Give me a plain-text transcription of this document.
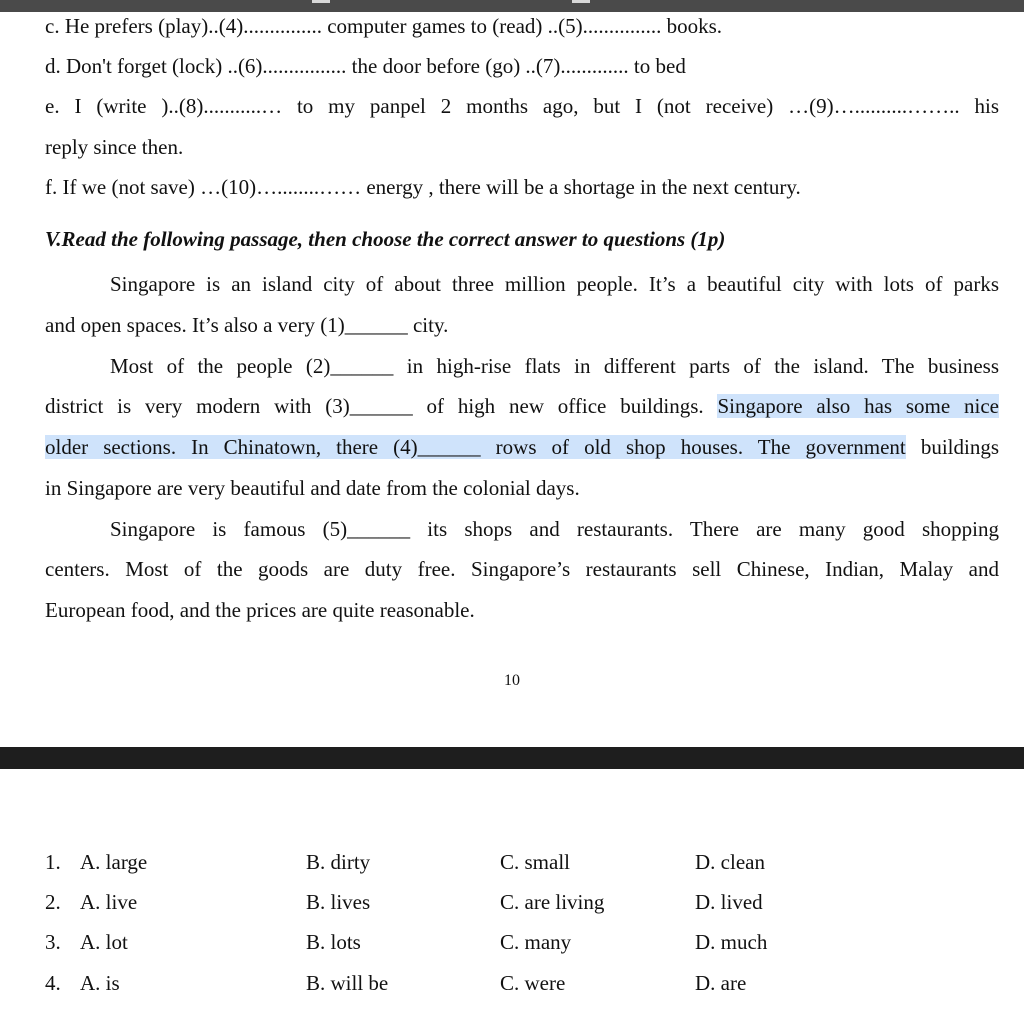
c. He prefers (play)..(4)............... computer games to (read) ..(5)............... books.
d. Don't forget (lock) ..(6)................ the door before (go) ..(7)............. to bed
e. I (write )..(8)...........… to my panpel 2 months ago, but I (not receive) …(9)…..........…….. his
reply since then.
f. If we (not save) …(10)…........…… energy , there will be a shortage in the next century.
V.Read the following passage, then choose the correct answer to questions (1p)
Singapore is an island city of about three million people. It’s a beautiful city with lots of parks
and open spaces. It’s also a very (1)______ city.
Most of the people (2)______ in high-rise flats in different parts of the island. The business
district is very modern with (3)______ of high new office buildings. Singapore also has some nice
older sections. In Chinatown, there (4)______ rows of old shop houses. The government buildings
in Singapore are very beautiful and date from the colonial days.
Singapore is famous (5)______ its shops and restaurants. There are many good shopping
centers. Most of the goods are duty free. Singapore’s restaurants sell Chinese, Indian, Malay and
European food, and the prices are quite reasonable.
10
1. A. large	B. dirty	C. small	D. clean
2. A. live	B. lives	C. are living	D. lived
3. A. lot	B. lots	C. many	D. much
4. A. is	B. will be	C. were	D. are
